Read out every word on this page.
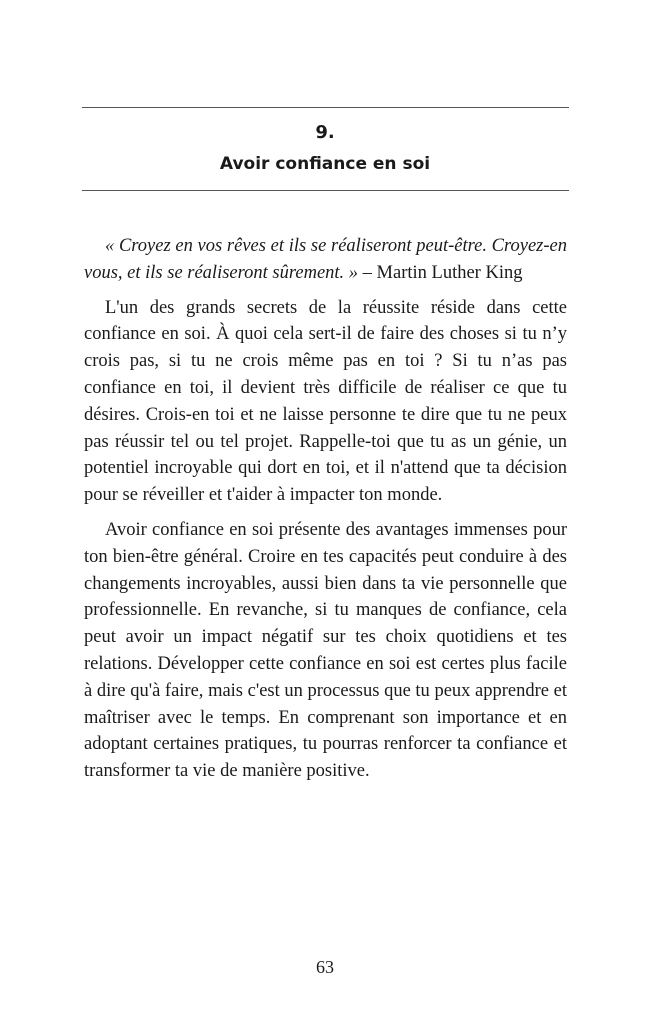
9.
Avoir confiance en soi

« Croyez en vos rêves et ils se réaliseront peut-être. Croyez-en vous, et ils se réaliseront sûrement. » – Martin Luther King

L'un des grands secrets de la réussite réside dans cette confiance en soi. À quoi cela sert-il de faire des choses si tu n’y crois pas, si tu ne crois même pas en toi ? Si tu n’as pas confiance en toi, il devient très difficile de réaliser ce que tu désires. Crois-en toi et ne laisse personne te dire que tu ne peux pas réussir tel ou tel projet. Rappelle-toi que tu as un génie, un potentiel incroyable qui dort en toi, et il n'attend que ta décision pour se réveiller et t'aider à impacter ton monde.

Avoir confiance en soi présente des avantages immenses pour ton bien-être général. Croire en tes capacités peut conduire à des changements incroyables, aussi bien dans ta vie personnelle que professionnelle. En revanche, si tu manques de confiance, cela peut avoir un impact négatif sur tes choix quotidiens et tes relations. Développer cette confiance en soi est certes plus facile à dire qu'à faire, mais c'est un processus que tu peux apprendre et maîtriser avec le temps. En comprenant son importance et en adoptant certaines pratiques, tu pourras renforcer ta confiance et transformer ta vie de manière positive.

63
